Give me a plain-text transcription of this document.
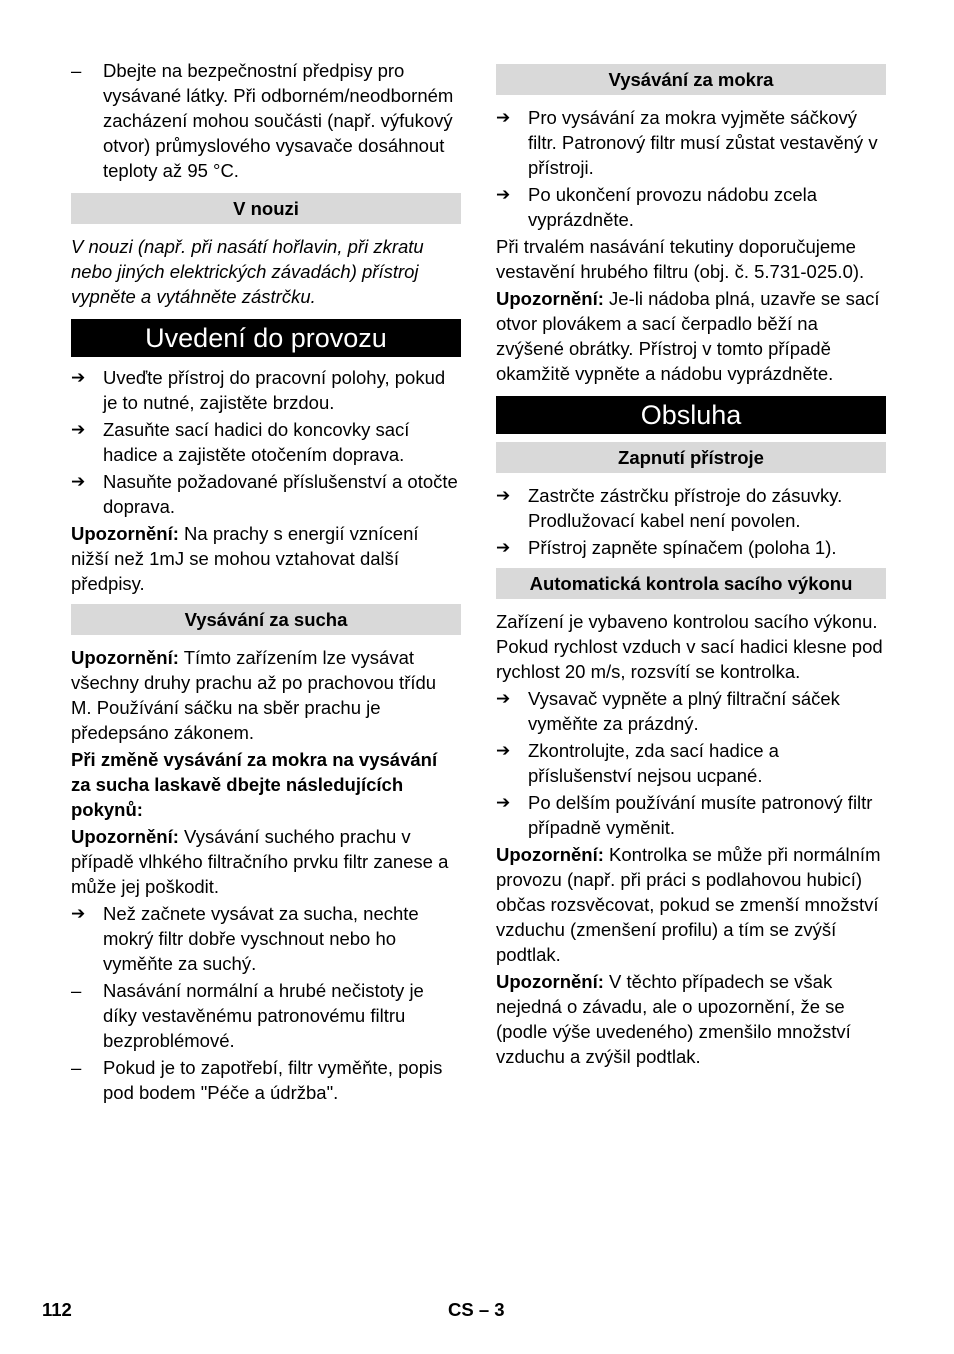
–	Dbejte na bezpečnostní předpisy pro vysávané látky. Při odborném/neodborném zacházení mohou součásti (např. výfukový otvor) průmyslového vysavače dosáhnout teploty až 95 °C.
V nouzi

V nouzi (např. při nasátí hořlavin, při zkratu nebo jiných elektrických závadách) přístroj vypněte a vytáhněte zástrčku.

Uvedení do provozu
➔ Uveďte přístroj do pracovní polohy, pokud je to nutné, zajistěte brzdou.
➔ Zasuňte sací hadici do koncovky sací hadice a zajistěte otočením doprava.
➔ Nasuňte požadované příslušenství a otočte doprava.

Upozornění: Na prachy s energií vznícení nižší než 1mJ se mohou vztahovat další předpisy.

Vysávání za sucha

Upozornění: Tímto zařízením lze vysávat všechny druhy prachu až po prachovou třídu M. Používání sáčku na sběr prachu je předepsáno zákonem.

Při změně vysávání za mokra na vysávání za sucha laskavě dbejte následujících pokynů:

Upozornění: Vysávání suchého prachu v případě vlhkého filtračního prvku filtr zanese a může jej poškodit.

➔ Než začnete vysávat za sucha, nechte mokrý filtr dobře vyschnout nebo ho vyměňte za suchý.
–	Nasávání normální a hrubé nečistoty je díky vestavěnému patronovému filtru bezproblémové.
–	Pokud je to zapotřebí, filtr vyměňte, popis pod bodem "Péče a údržba".
Vysávání za mokra
➔ Pro vysávání za mokra vyjměte sáčkový filtr. Patronový filtr musí zůstat vestavěný v přístroji.
➔ Po ukončení provozu nádobu zcela vyprázdněte.

Při trvalém nasávání tekutiny doporučujeme vestavění hrubého filtru (obj. č. 5.731-025.0).

Upozornění: Je-li nádoba plná, uzavře se sací otvor plovákem a sací čerpadlo běží na zvýšené obrátky. Přístroj v tomto případě okamžitě vypněte a nádobu vyprázdněte.

Obsluha
Zapnutí přístroje
➔ Zastrčte zástrčku přístroje do zásuvky. Prodlužovací kabel není povolen.
➔ Přístroj zapněte spínačem (poloha 1).
Automatická kontrola sacího výkonu

Zařízení je vybaveno kontrolou sacího výkonu. Pokud rychlost vzduch v sací hadici klesne pod rychlost 20 m/s, rozsvítí se kontrolka.

➔ Vysavač vypněte a plný filtrační sáček vyměňte za prázdný.
➔ Zkontrolujte, zda sací hadice a příslušenství nejsou ucpané.
➔ Po delším používání musíte patronový filtr případně vyměnit.

Upozornění: Kontrolka se může při normálním provozu (např. při práci s podlahovou hubicí) občas rozsvěcovat, pokud se zmenší množství vzduchu (zmenšení profilu) a tím se zvýší podtlak.

Upozornění: V těchto případech se však nejedná o závadu, ale o upozornění, že se (podle výše uvedeného) zmenšilo množství vzduchu a zvýšil podtlak.

112	CS – 3
